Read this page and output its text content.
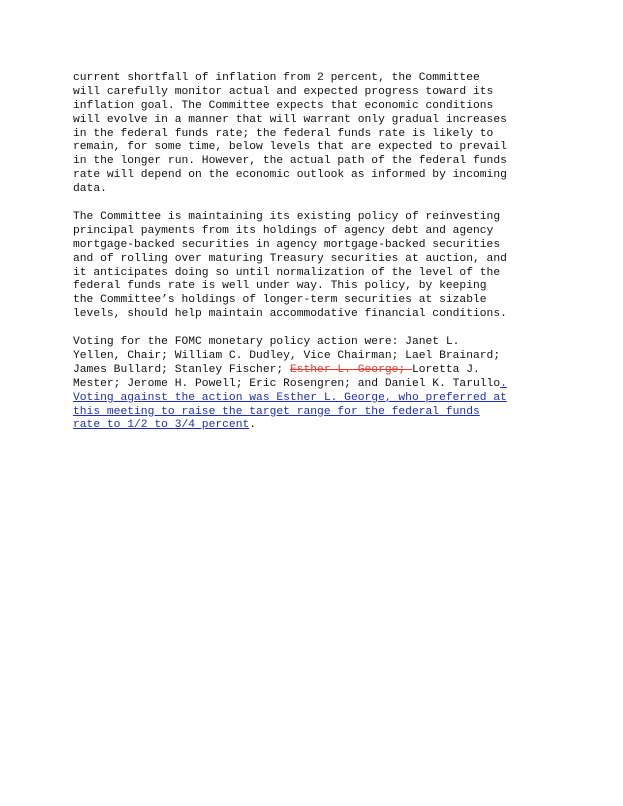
current shortfall of inflation from 2 percent, the Committee
will carefully monitor actual and expected progress toward its
inflation goal. The Committee expects that economic conditions
will evolve in a manner that will warrant only gradual increases
in the federal funds rate; the federal funds rate is likely to
remain, for some time, below levels that are expected to prevail
in the longer run. However, the actual path of the federal funds
rate will depend on the economic outlook as informed by incoming
data.
The Committee is maintaining its existing policy of reinvesting
principal payments from its holdings of agency debt and agency
mortgage-backed securities in agency mortgage-backed securities
and of rolling over maturing Treasury securities at auction, and
it anticipates doing so until normalization of the level of the
federal funds rate is well under way. This policy, by keeping
the Committee’s holdings of longer-term securities at sizable
levels, should help maintain accommodative financial conditions.
Voting for the FOMC monetary policy action were: Janet L.
Yellen, Chair; William C. Dudley, Vice Chairman; Lael Brainard;
James Bullard; Stanley Fischer; Esther L. George; Loretta J.
Mester; Jerome H. Powell; Eric Rosengren; and Daniel K. Tarullo.
Voting against the action was Esther L. George, who preferred at
this meeting to raise the target range for the federal funds
rate to 1/2 to 3/4 percent.
